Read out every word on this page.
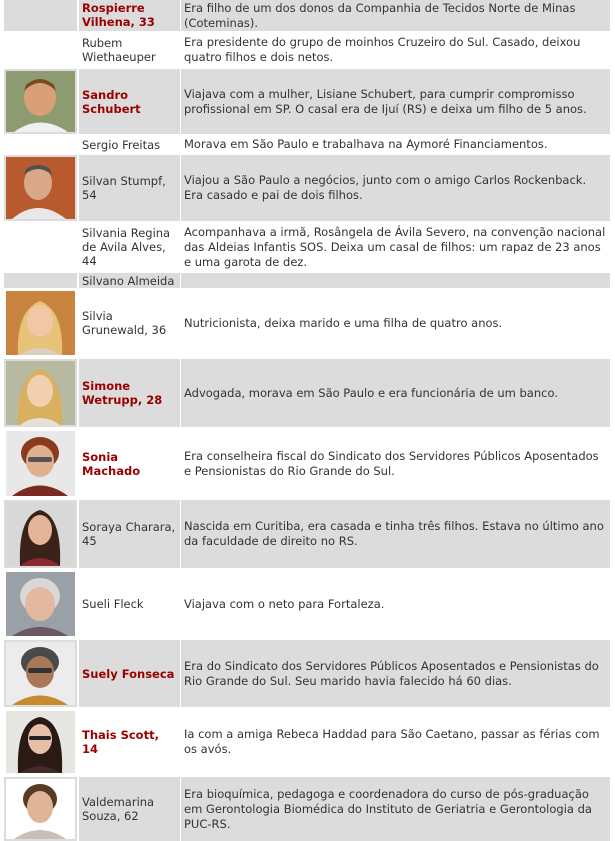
Rospierre Vilhena, 33
Era filho de um dos donos da Companhia de Tecidos Norte de Minas (Coteminas).
Rubem Wiethaeuper
Era presidente do grupo de moinhos Cruzeiro do Sul. Casado, deixou quatro filhos e dois netos.
Sandro Schubert
Viajava com a mulher, Lisiane Schubert, para cumprir compromisso profissional em SP. O casal era de Ijuí (RS) e deixa um filho de 5 anos.
Sergio Freitas	Morava em São Paulo e trabalhava na Aymoré Financiamentos.
Silvan Stumpf, 54
Viajou a São Paulo a negócios, junto com o amigo Carlos Rockenback. Era casado e pai de dois filhos.
Silvania Regina de Avila Alves, 44
Acompanhava a irmã, Rosângela de Ávila Severo, na convenção nacional das Aldeias Infantis SOS. Deixa um casal de filhos: um rapaz de 23 anos e uma garota de dez.
Silvano Almeida
Silvia Grunewald, 36
Nutricionista, deixa marido e uma filha de quatro anos.
Simone Wetrupp, 28
Advogada, morava em São Paulo e era funcionária de um banco.
Sonia Machado
Era conselheira fiscal do Sindicato dos Servidores Públicos Aposentados e Pensionistas do Rio Grande do Sul.
Soraya Charara, 45
Nascida em Curitiba, era casada e tinha três filhos. Estava no último ano da faculdade de direito no RS.
Sueli Fleck	Viajava com o neto para Fortaleza.
Suely Fonseca
Era do Sindicato dos Servidores Públicos Aposentados e Pensionistas do Rio Grande do Sul. Seu marido havia falecido há 60 dias.
Thais Scott, 14
Ia com a amiga Rebeca Haddad para São Caetano, passar as férias com os avós.
Valdemarina Souza, 62
Era bioquímica, pedagoga e coordenadora do curso de pós-graduação em Gerontologia Biomédica do Instituto de Geriatria e Gerontologia da PUC-RS.
